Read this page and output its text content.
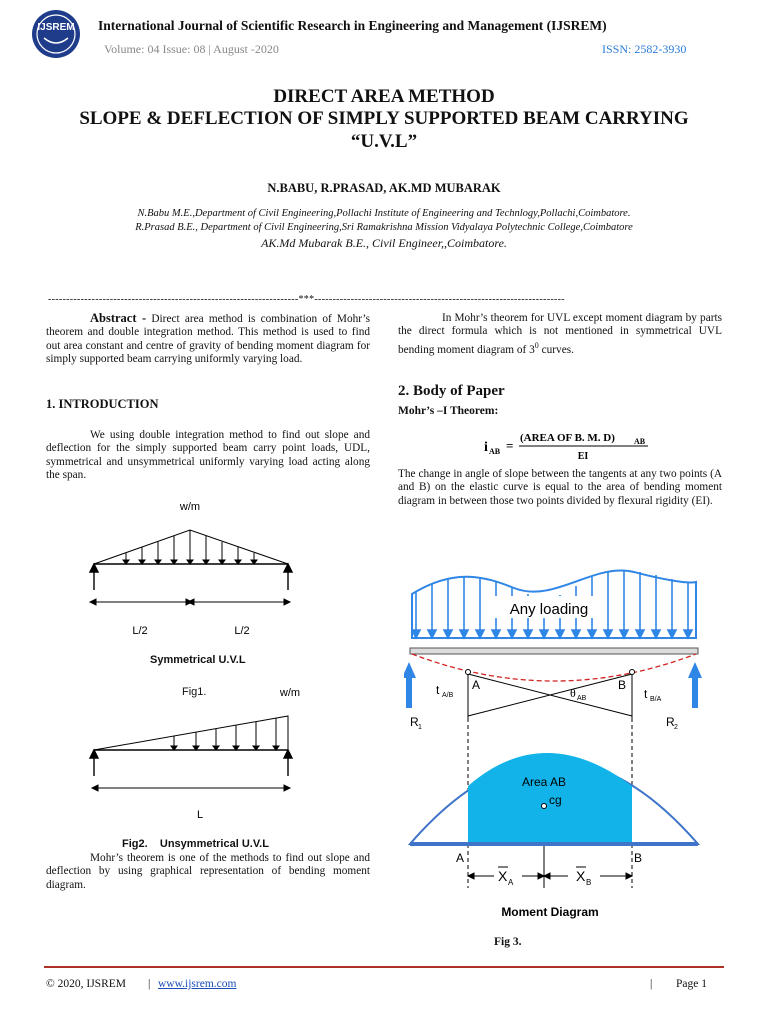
IJSREM International Journal of Scientific Research in Engineering and Management (IJSREM)
Volume: 04 Issue: 08 | August -2020	ISSN: 2582-3930
DIRECT AREA METHOD
SLOPE & DEFLECTION OF SIMPLY SUPPORTED BEAM CARRYING
“U.V.L”
N.BABU, R.PRASAD, AK.MD MUBARAK
N.Babu M.E.,Department of Civil Engineering,Pollachi Institute of Engineering and Technlogy,Pollachi,Coimbatore.
R.Prasad B.E., Department of Civil Engineering,Sri Ramakrishna Mission Vidyalaya Polytechnic College,Coimbatore
AK.Md Mubarak B.E., Civil Engineer,,Coimbatore.
---------------------------------------------------------------------***---------------------------------------------------------------------
Abstract - Direct area method is combination of Mohr’s theorem and double integration method. This method is used to find out area constant and centre of gravity of bending moment diagram for simply supported beam carrying uniformly varying load.
1. INTRODUCTION
We using double integration method to find out slope and deflection for the simply supported beam carry point loads, UDL, symmetrical and unsymmetrical uniformly varying load acting along the span.
w/m
L/2	L/2
Symmetrical U.V.L
Fig1.	w/m
L
Fig2.    Unsymmetrical U.V.L
Mohr’s theorem is one of the methods to find out slope and deflection by using graphical representation of bending moment diagram.
In Mohr’s theorem for UVL except moment diagram by parts the direct formula which is not mentioned in symmetrical UVL bending moment diagram of $3^0$ curves.
2. Body of Paper
Mohr’s –I Theorem:
i AB = (AREA OF B. M. D) AB
EI
The change in angle of slope between the tangents at any two points (A and B) on the elastic curve is equal to the area of bending moment diagram in between those two points divided by flexural rigidity (EI).
Any loading
R 1	R 2
A	B
t A/B	t B/A
θ AB
Area AB
cg
A	B
X A	X B
Moment Diagram
Fig 3.
© 2020, IJSREM | www.ijsrem.com	| Page 1
